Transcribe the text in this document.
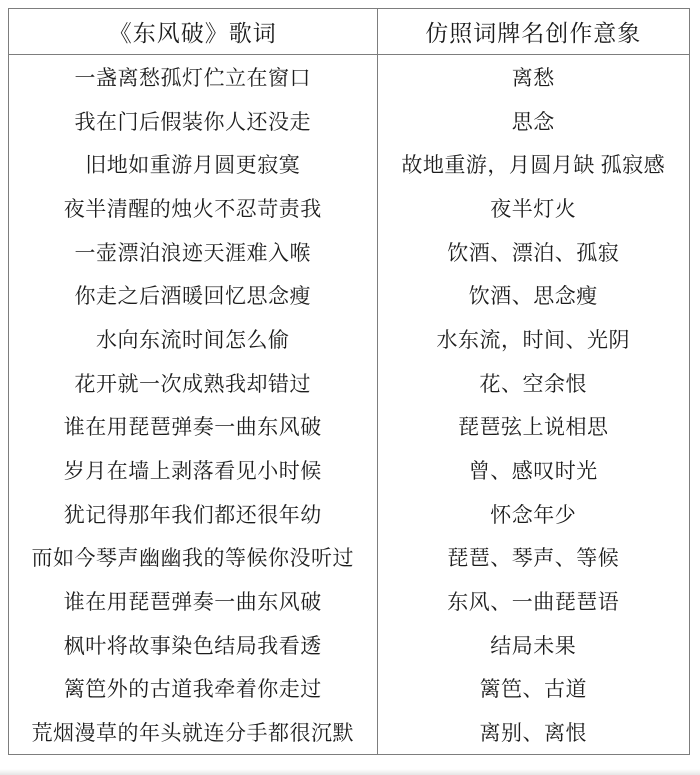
《东风破》歌词	仿照词牌名创作意象
一盏离愁孤灯伫立在窗口	离愁
我在门后假装你人还没走	思念
旧地如重游月圆更寂寞	故地重游，月圆月缺 孤寂感
夜半清醒的烛火不忍苛责我	夜半灯火
一壶漂泊浪迹天涯难入喉	饮酒、漂泊、孤寂
你走之后酒暖回忆思念瘦	饮酒、思念瘦
水向东流时间怎么偷	水东流，时间、光阴
花开就一次成熟我却错过	花、空余恨
谁在用琵琶弹奏一曲东风破	琵琶弦上说相思
岁月在墙上剥落看见小时候	曾、感叹时光
犹记得那年我们都还很年幼	怀念年少
而如今琴声幽幽我的等候你没听过	琵琶、琴声、等候
谁在用琵琶弹奏一曲东风破	东风、一曲琵琶语
枫叶将故事染色结局我看透	结局未果
篱笆外的古道我牵着你走过	篱笆、古道
荒烟漫草的年头就连分手都很沉默	离别、离恨
